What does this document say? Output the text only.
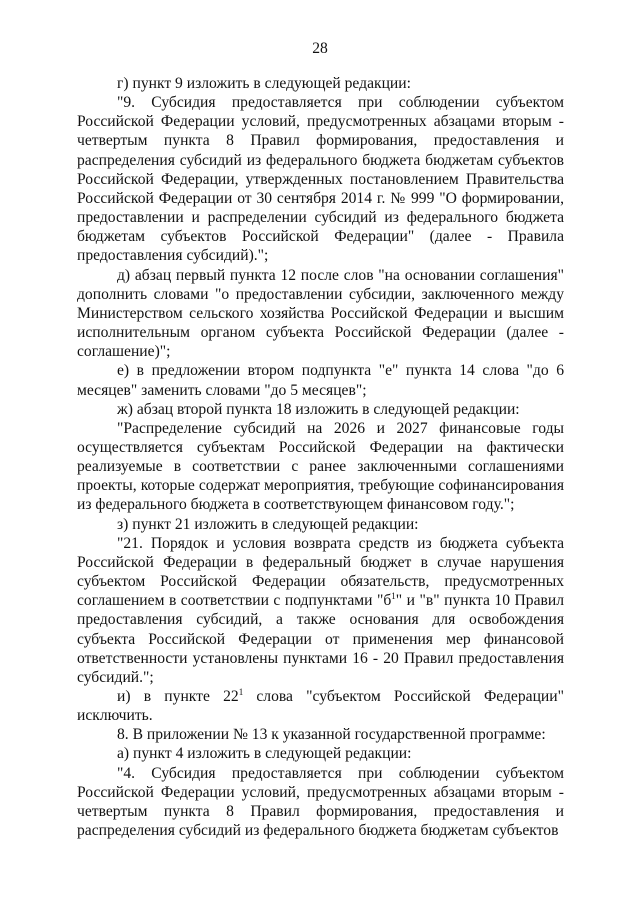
28

г) пункт 9 изложить в следующей редакции:

"9. Субсидия предоставляется при соблюдении субъектом Российской Федерации условий, предусмотренных абзацами вторым - четвертым пункта 8 Правил формирования, предоставления и распределения субсидий из федерального бюджета бюджетам субъектов Российской Федерации, утвержденных постановлением Правительства Российской Федерации от 30 сентября 2014 г. № 999 "О формировании, предоставлении и распределении субсидий из федерального бюджета бюджетам субъектов Российской Федерации" (далее - Правила предоставления субсидий).";

д) абзац первый пункта 12 после слов "на основании соглашения" дополнить словами "о предоставлении субсидии, заключенного между Министерством сельского хозяйства Российской Федерации и высшим исполнительным органом субъекта Российской Федерации (далее - соглашение)";

е) в предложении втором подпункта "е" пункта 14 слова "до 6 месяцев" заменить словами "до 5 месяцев";

ж) абзац второй пункта 18 изложить в следующей редакции:

"Распределение субсидий на 2026 и 2027 финансовые годы осуществляется субъектам Российской Федерации на фактически реализуемые в соответствии с ранее заключенными соглашениями проекты, которые содержат мероприятия, требующие софинансирования из федерального бюджета в соответствующем финансовом году.";

з) пункт 21 изложить в следующей редакции:

"21. Порядок и условия возврата средств из бюджета субъекта Российской Федерации в федеральный бюджет в случае нарушения субъектом Российской Федерации обязательств, предусмотренных соглашением в соответствии с подпунктами "$б^1$" и "в" пункта 10 Правил предоставления субсидий, а также основания для освобождения субъекта Российской Федерации от применения мер финансовой ответственности установлены пунктами 16 - 20 Правил предоставления субсидий.";

и) в пункте $22^1$ слова "субъектом Российской Федерации" исключить.

8. В приложении № 13 к указанной государственной программе:

а) пункт 4 изложить в следующей редакции:

"4. Субсидия предоставляется при соблюдении субъектом Российской Федерации условий, предусмотренных абзацами вторым - четвертым пункта 8 Правил формирования, предоставления и распределения субсидий из федерального бюджета бюджетам субъектов
